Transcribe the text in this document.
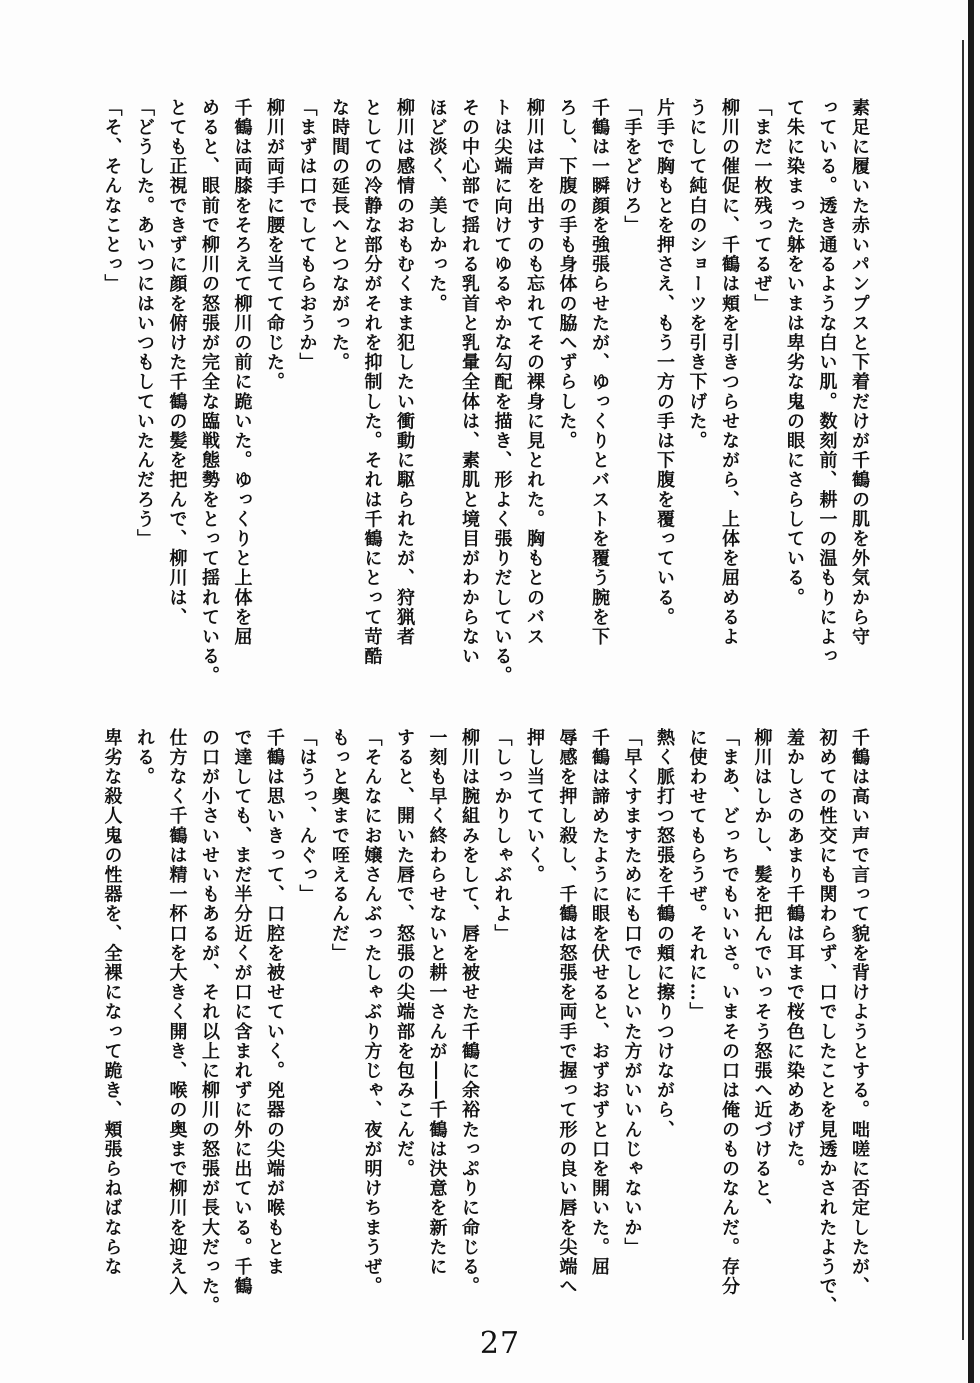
素足に履いた赤いパンプスと下着だけが千鶴の肌を外気から守
っている。透き通るような白い肌。数刻前、耕一の温もりによっ
て朱に染まった躰をいまは卑劣な鬼の眼にさらしている。
「まだ一枚残ってるぜ」
柳川の催促に、千鶴は頬を引きつらせながら、上体を屈めるよ
うにして純白のショーツを引き下げた。
片手で胸もとを押さえ、もう一方の手は下腹を覆っている。
「手をどけろ」
千鶴は一瞬顔を強張らせたが、ゆっくりとバストを覆う腕を下
ろし、下腹の手も身体の脇へずらした。
柳川は声を出すのも忘れてその裸身に見とれた。胸もとのバス
トは尖端に向けてゆるやかな勾配を描き、形よく張りだしている。
その中心部で揺れる乳首と乳暈全体は、素肌と境目がわからない
ほど淡く、美しかった。
柳川は感情のおもむくまま犯したい衝動に駆られたが、狩猟者
としての冷静な部分がそれを抑制した。それは千鶴にとって苛酷
な時間の延長へとつながった。
「まずは口でしてもらおうか」
柳川が両手に腰を当てて命じた。
千鶴は両膝をそろえて柳川の前に跪いた。ゆっくりと上体を屈
めると、眼前で柳川の怒張が完全な臨戦態勢をとって揺れている。
とても正視できずに顔を俯けた千鶴の髪を把んで、柳川は、
「どうした。あいつにはいつもしていたんだろう」
「そ、そんなことっ」
千鶴は高い声で言って貌を背けようとする。咄嗟に否定したが、
初めての性交にも関わらず、口でしたことを見透かされたようで、
羞かしさのあまり千鶴は耳まで桜色に染めあげた。
柳川はしかし、髪を把んでいっそう怒張へ近づけると、
「まあ、どっちでもいいさ。いまその口は俺のものなんだ。存分
に使わせてもらうぜ。それに…」
熱く脈打つ怒張を千鶴の頬に擦りつけながら、
「早くすますためにも口でしといた方がいいんじゃないか」
千鶴は諦めたように眼を伏せると、おずおずと口を開いた。屈
辱感を押し殺し、千鶴は怒張を両手で握って形の良い唇を尖端へ
押し当てていく。
「しっかりしゃぶれよ」
柳川は腕組みをして、唇を被せた千鶴に余裕たっぷりに命じる。
一刻も早く終わらせないと耕一さんが――千鶴は決意を新たに
すると、開いた唇で、怒張の尖端部を包みこんだ。
「そんなにお嬢さんぶったしゃぶり方じゃ、夜が明けちまうぜ。
もっと奥まで咥えるんだ」
「はうっ、んぐっ」
千鶴は思いきって、口腔を被せていく。兇器の尖端が喉もとま
で達しても、まだ半分近くが口に含まれずに外に出ている。千鶴
の口が小さいせいもあるが、それ以上に柳川の怒張が長大だった。
仕方なく千鶴は精一杯口を大きく開き、喉の奥まで柳川を迎え入
れる。
卑劣な殺人鬼の性器を、全裸になって跪き、頬張らねばならな
27
